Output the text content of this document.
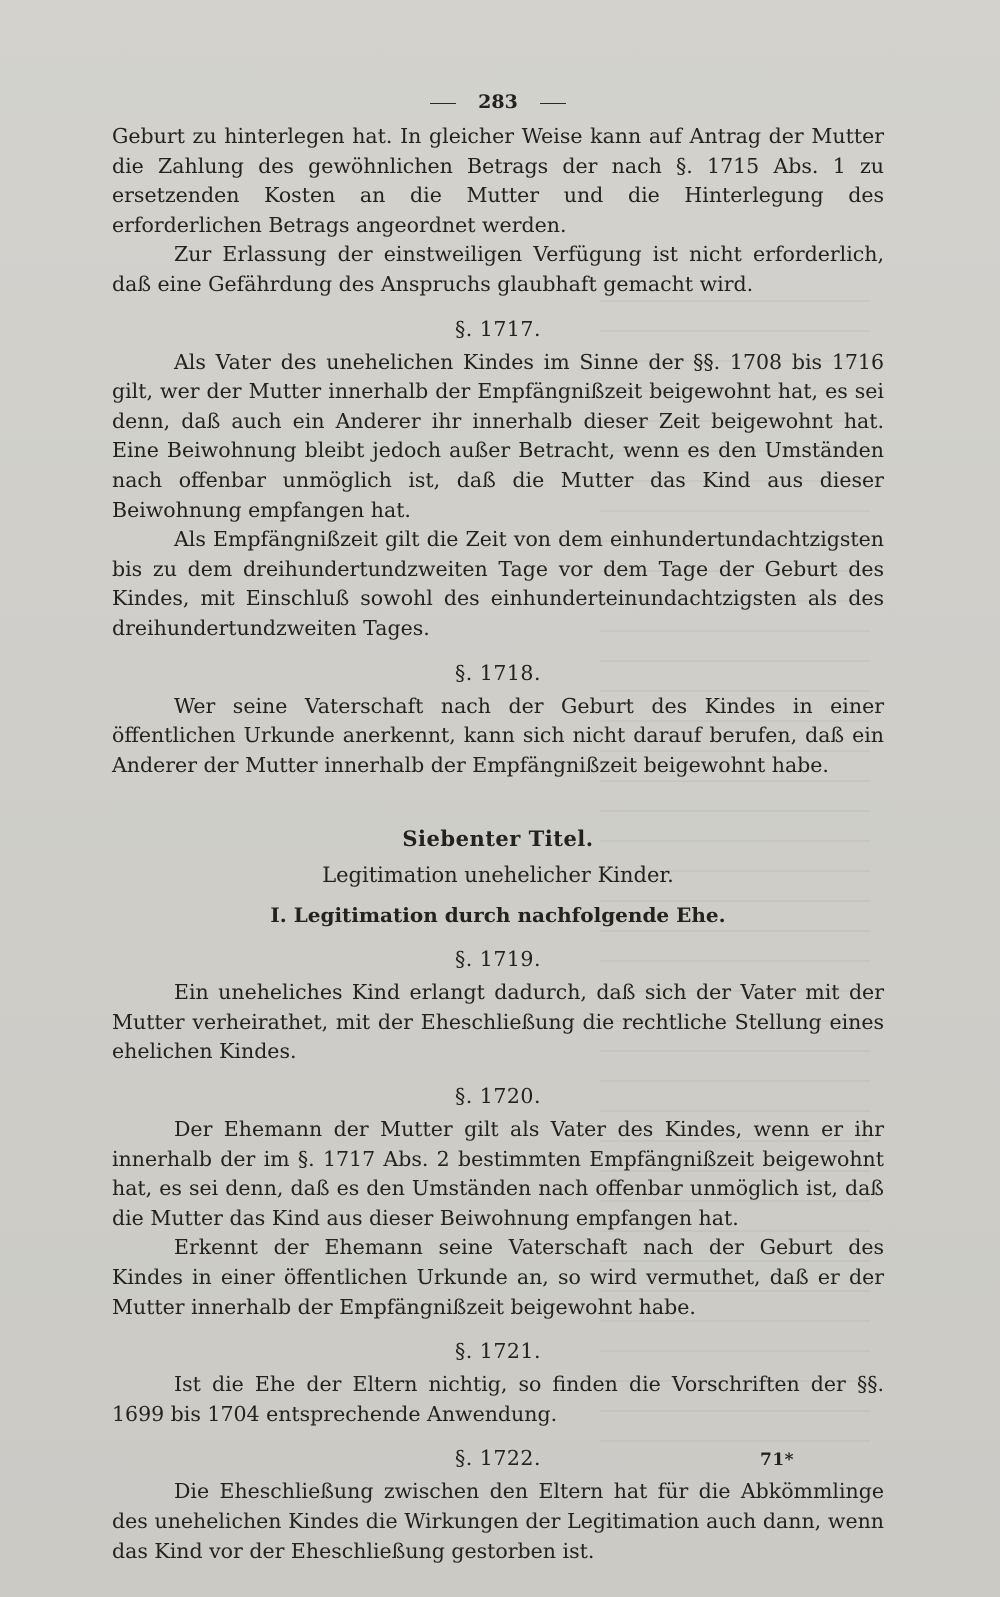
283

Geburt zu hinterlegen hat. In gleicher Weise kann auf Antrag der Mutter die Zahlung des gewöhnlichen Betrags der nach §. 1715 Abs. 1 zu ersetzenden Kosten an die Mutter und die Hinterlegung des erforderlichen Betrags angeordnet werden.

Zur Erlassung der einstweiligen Verfügung ist nicht erforderlich, daß eine Gefährdung des Anspruchs glaubhaft gemacht wird.

§. 1717.

Als Vater des unehelichen Kindes im Sinne der §§. 1708 bis 1716 gilt, wer der Mutter innerhalb der Empfängnißzeit beigewohnt hat, es sei denn, daß auch ein Anderer ihr innerhalb dieser Zeit beigewohnt hat. Eine Beiwohnung bleibt jedoch außer Betracht, wenn es den Umständen nach offenbar unmöglich ist, daß die Mutter das Kind aus dieser Beiwohnung empfangen hat.

Als Empfängnißzeit gilt die Zeit von dem einhundertundachtzigsten bis zu dem dreihundertundzweiten Tage vor dem Tage der Geburt des Kindes, mit Einschluß sowohl des einhunderteinundachtzigsten als des dreihundertundzweiten Tages.

§. 1718.

Wer seine Vaterschaft nach der Geburt des Kindes in einer öffentlichen Urkunde anerkennt, kann sich nicht darauf berufen, daß ein Anderer der Mutter innerhalb der Empfängnißzeit beigewohnt habe.

Siebenter Titel.
Legitimation unehelicher Kinder.
I. Legitimation durch nachfolgende Ehe.
§. 1719.

Ein uneheliches Kind erlangt dadurch, daß sich der Vater mit der Mutter verheirathet, mit der Eheschließung die rechtliche Stellung eines ehelichen Kindes.

§. 1720.

Der Ehemann der Mutter gilt als Vater des Kindes, wenn er ihr innerhalb der im §. 1717 Abs. 2 bestimmten Empfängnißzeit beigewohnt hat, es sei denn, daß es den Umständen nach offenbar unmöglich ist, daß die Mutter das Kind aus dieser Beiwohnung empfangen hat.

Erkennt der Ehemann seine Vaterschaft nach der Geburt des Kindes in einer öffentlichen Urkunde an, so wird vermuthet, daß er der Mutter innerhalb der Empfängnißzeit beigewohnt habe.

§. 1721.

Ist die Ehe der Eltern nichtig, so finden die Vorschriften der §§. 1699 bis 1704 entsprechende Anwendung.

§. 1722.

Die Eheschließung zwischen den Eltern hat für die Abkömmlinge des unehelichen Kindes die Wirkungen der Legitimation auch dann, wenn das Kind vor der Eheschließung gestorben ist.

71*
